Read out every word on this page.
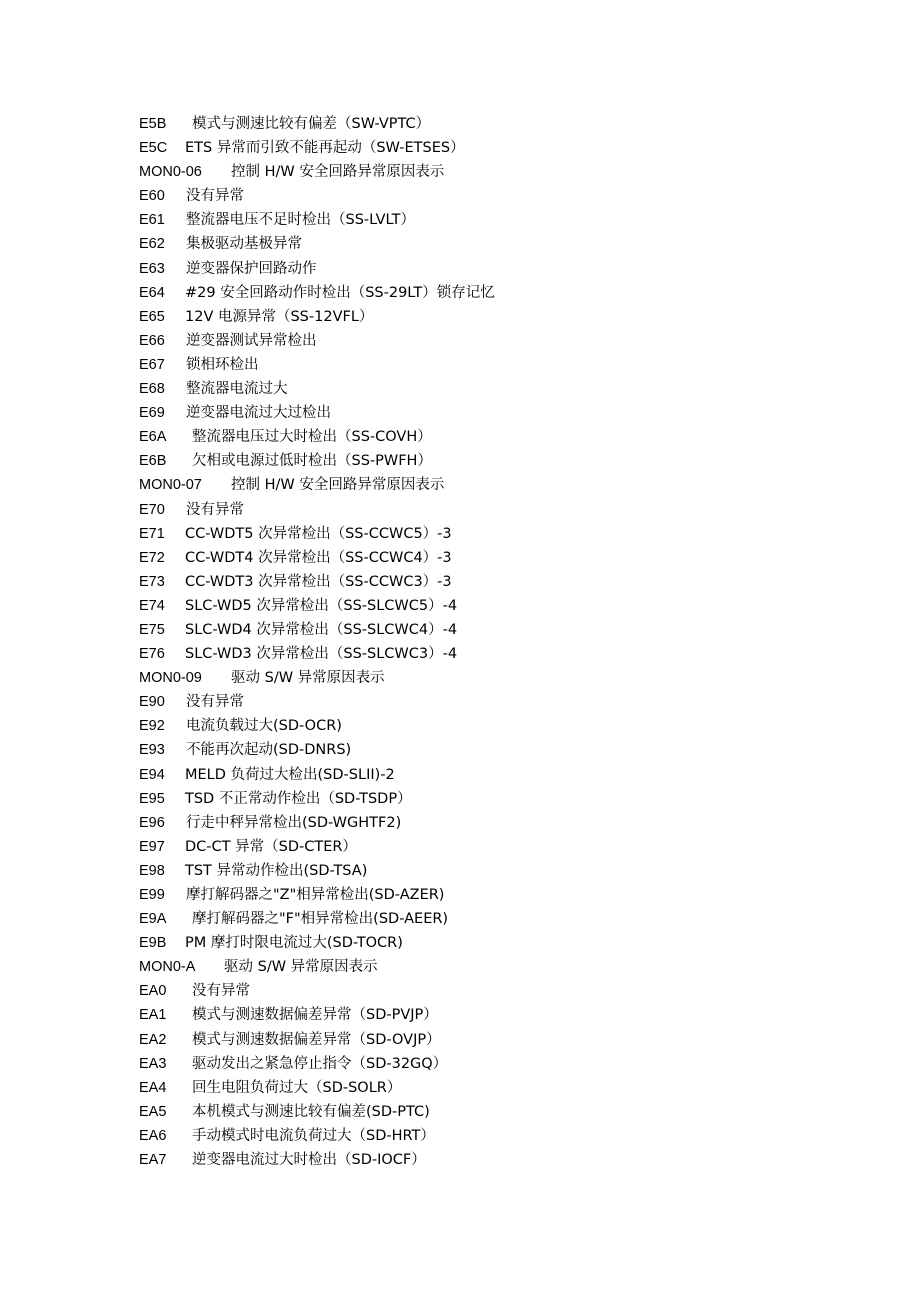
E5B 模式与测速比较有偏差（SW-VPTC）
E5C ETS 异常而引致不能再起动（SW-ETSES）
MON0-06 控制 H/W 安全回路异常原因表示
E60 没有异常
E61 整流器电压不足时检出（SS-LVLT）
E62 集极驱动基极异常
E63 逆变器保护回路动作
E64 #29 安全回路动作时检出（SS-29LT）锁存记忆
E65 12V 电源异常（SS-12VFL）
E66 逆变器测试异常检出
E67 锁相环检出
E68 整流器电流过大
E69 逆变器电流过大过检出
E6A 整流器电压过大时检出（SS-COVH）
E6B 欠相或电源过低时检出（SS-PWFH）
MON0-07 控制 H/W 安全回路异常原因表示
E70 没有异常
E71 CC-WDT5 次异常检出（SS-CCWC5）-3
E72 CC-WDT4 次异常检出（SS-CCWC4）-3
E73 CC-WDT3 次异常检出（SS-CCWC3）-3
E74 SLC-WD5 次异常检出（SS-SLCWC5）-4
E75 SLC-WD4 次异常检出（SS-SLCWC4）-4
E76 SLC-WD3 次异常检出（SS-SLCWC3）-4
MON0-09 驱动 S/W 异常原因表示
E90 没有异常
E92 电流负载过大(SD-OCR)
E93 不能再次起动(SD-DNRS)
E94 MELD 负荷过大检出(SD-SLII)-2
E95 TSD 不正常动作检出（SD-TSDP）
E96 行走中秤异常检出(SD-WGHTF2)
E97 DC-CT 异常（SD-CTER）
E98 TST 异常动作检出(SD-TSA)
E99 摩打解码器之"Z"相异常检出(SD-AZER)
E9A 摩打解码器之"F"相异常检出(SD-AEER)
E9B PM 摩打时限电流过大(SD-TOCR)
MON0-A 驱动 S/W 异常原因表示
EA0 没有异常
EA1 模式与测速数据偏差异常（SD-PVJP）
EA2 模式与测速数据偏差异常（SD-OVJP）
EA3 驱动发出之紧急停止指令（SD-32GQ）
EA4 回生电阻负荷过大（SD-SOLR）
EA5 本机模式与测速比较有偏差(SD-PTC)
EA6 手动模式时电流负荷过大（SD-HRT）
EA7 逆变器电流过大时检出（SD-IOCF）
